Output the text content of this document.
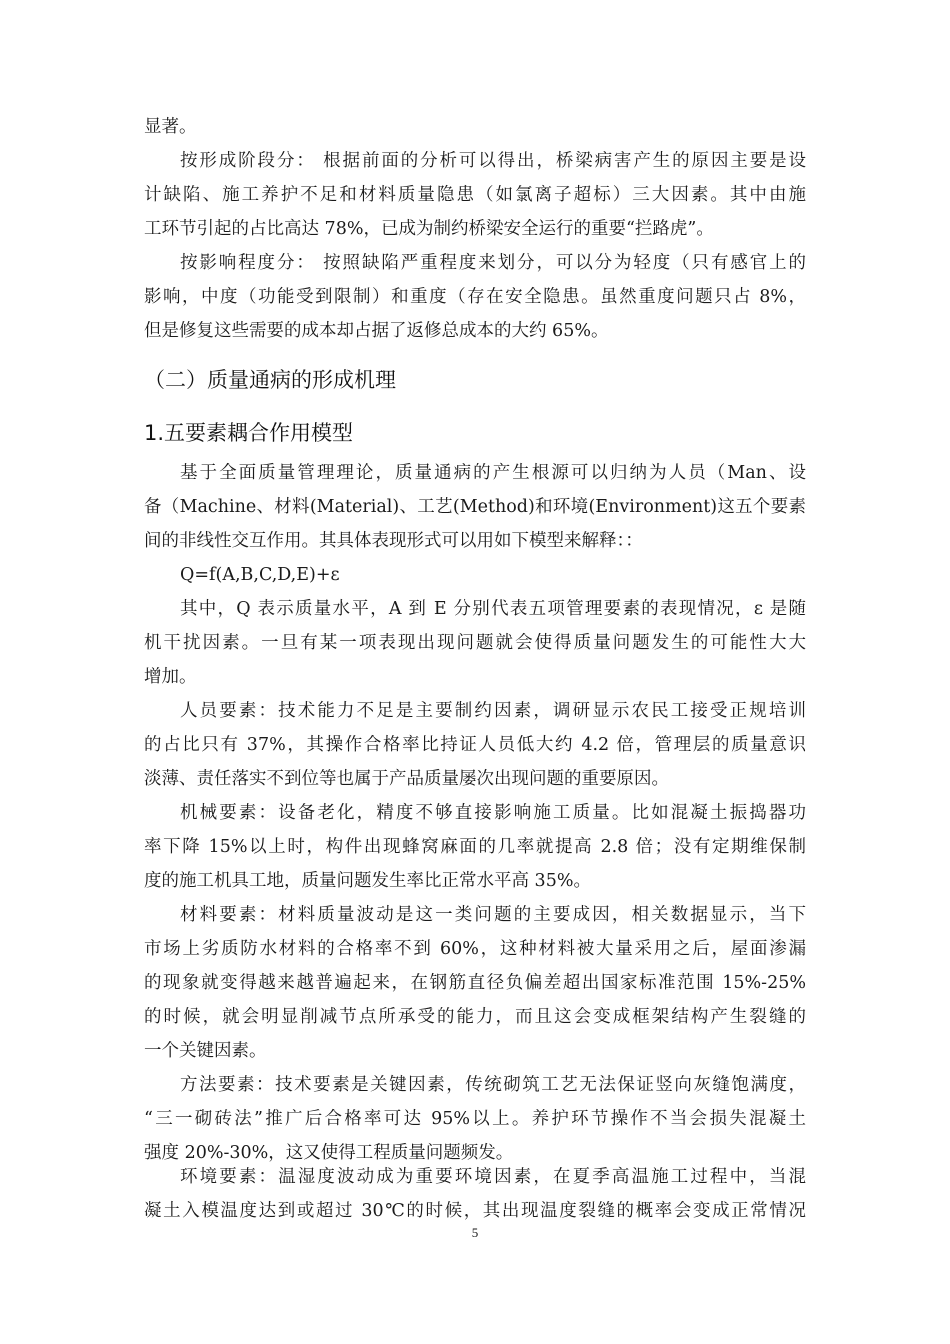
显著。
按形成阶段分： 根据前面的分析可以得出，桥梁病害产生的原因主要是设
计缺陷、施工养护不足和材料质量隐患（如氯离子超标）三大因素。其中由施
工环节引起的占比高达 78%，已成为制约桥梁安全运行的重要“拦路虎”。
按影响程度分： 按照缺陷严重程度来划分，可以分为轻度（只有感官上的
影响，中度（功能受到限制）和重度（存在安全隐患。虽然重度问题只占 8%，
但是修复这些需要的成本却占据了返修总成本的大约 65%。
（二）质量通病的形成机理
1.五要素耦合作用模型
基于全面质量管理理论，质量通病的产生根源可以归纳为人员（Man、设
备（Machine、材料(Material)、工艺(Method)和环境(Environment)这五个要素
间的非线性交互作用。其具体表现形式可以用如下模型来解释：：
Q=f(A,B,C,D,E)+ε
其中，Q 表示质量水平，A 到 E 分别代表五项管理要素的表现情况，ε 是随
机干扰因素。一旦有某一项表现出现问题就会使得质量问题发生的可能性大大
增加。
人员要素：技术能力不足是主要制约因素，调研显示农民工接受正规培训
的占比只有 37%，其操作合格率比持证人员低大约 4.2 倍，管理层的质量意识
淡薄、责任落实不到位等也属于产品质量屡次出现问题的重要原因。
机械要素：设备老化，精度不够直接影响施工质量。比如混凝土振捣器功
率下降 15%以上时，构件出现蜂窝麻面的几率就提高 2.8 倍；没有定期维保制
度的施工机具工地，质量问题发生率比正常水平高 35%。
材料要素：材料质量波动是这一类问题的主要成因，相关数据显示，当下
市场上劣质防水材料的合格率不到 60%，这种材料被大量采用之后，屋面渗漏
的现象就变得越来越普遍起来，在钢筋直径负偏差超出国家标准范围 15%-25%
的时候，就会明显削减节点所承受的能力，而且这会变成框架结构产生裂缝的
一个关键因素。
方法要素：技术要素是关键因素，传统砌筑工艺无法保证竖向灰缝饱满度，
“三一砌砖法”推广后合格率可达 95%以上。养护环节操作不当会损失混凝土
强度 20%-30%，这又使得工程质量问题频发。
环境要素：温湿度波动成为重要环境因素，在夏季高温施工过程中，当混
凝土入模温度达到或超过 30℃的时候，其出现温度裂缝的概率会变成正常情况
5
